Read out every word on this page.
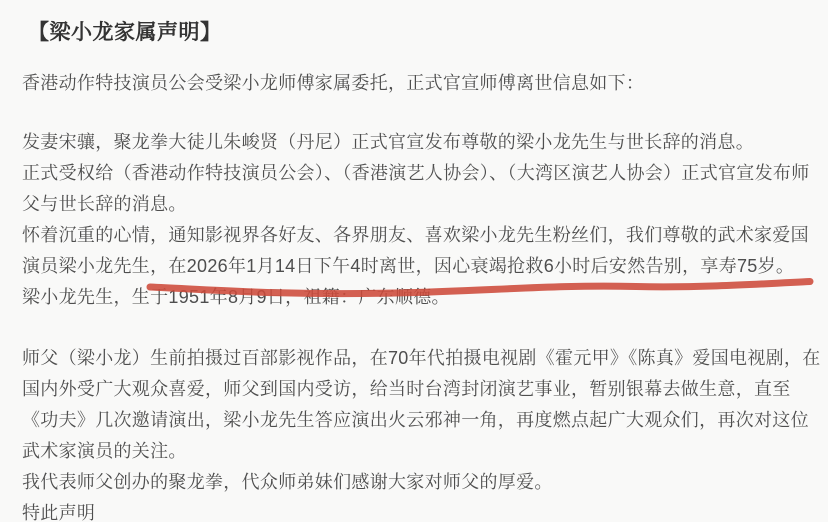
【梁小龙家属声明】
香港动作特技演员公会受梁小龙师傅家属委托，正式官宣师傅离世信息如下：
发妻宋骧，聚龙拳大徒儿朱峻贤（丹尼）正式官宣发布尊敬的梁小龙先生与世长辞的消息。
正式受权给（香港动作特技演员公会）、（香港演艺人协会）、（大湾区演艺人协会）正式官宣发布师
父与世长辞的消息。
怀着沉重的心情，通知影视界各好友、各界朋友、喜欢梁小龙先生粉丝们，我们尊敬的武术家爱国
演员梁小龙先生，在2026年1月14日下午4时离世，因心衰竭抢救6小时后安然告别，享寿75岁。
梁小龙先生，生于1951年8月9日，祖籍：广东顺德。
师父（梁小龙）生前拍摄过百部影视作品，在70年代拍摄电视剧《霍元甲》《陈真》爱国电视剧，在
国内外受广大观众喜爱，师父到国内受访，给当时台湾封闭演艺事业，暂别银幕去做生意，直至
《功夫》几次邀请演出，梁小龙先生答应演出火云邪神一角，再度燃点起广大观众们，再次对这位
武术家演员的关注。
我代表师父创办的聚龙拳，代众师弟妹们感谢大家对师父的厚爱。
特此声明
